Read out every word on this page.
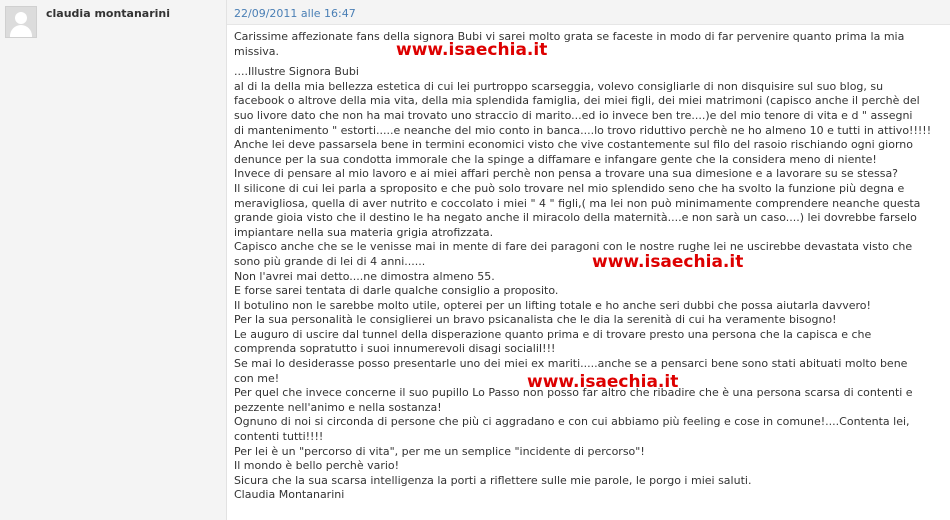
claudia montanarini	22/09/2011 alle 16:47
Carissime affezionate fans della signora Bubi vi sarei molto grata se faceste in modo di far pervenire quanto prima la mia
missiva.
....Illustre Signora Bubi
al di la della mia bellezza estetica di cui lei purtroppo scarseggia, volevo consigliarle di non disquisire sul suo blog, su
facebook o altrove della mia vita, della mia splendida famiglia, dei miei figli, dei miei matrimoni (capisco anche il perchè del
suo livore dato che non ha mai trovato uno straccio di marito...ed io invece ben tre....)e del mio tenore di vita e d " assegni
di mantenimento " estorti.....e neanche del mio conto in banca....lo trovo riduttivo perchè ne ho almeno 10 e tutti in attivo!!!!!
Anche lei deve passarsela bene in termini economici visto che vive costantemente sul filo del rasoio rischiando ogni giorno
denunce per la sua condotta immorale che la spinge a diffamare e infangare gente che la considera meno di niente!
Invece di pensare al mio lavoro e ai miei affari perchè non pensa a trovare una sua dimesione e a lavorare su se stessa?
Il silicone di cui lei parla a sproposito e che può solo trovare nel mio splendido seno che ha svolto la funzione più degna e
meravigliosa, quella di aver nutrito e coccolato i miei " 4 " figli,( ma lei non può minimamente comprendere neanche questa
grande gioia visto che il destino le ha negato anche il miracolo della maternità....e non sarà un caso....) lei dovrebbe farselo
impiantare nella sua materia grigia atrofizzata.
Capisco anche che se le venisse mai in mente di fare dei paragoni con le nostre rughe lei ne uscirebbe devastata visto che
sono più grande di lei di 4 anni......
Non l'avrei mai detto....ne dimostra almeno 55.
E forse sarei tentata di darle qualche consiglio a proposito.
Il botulino non le sarebbe molto utile, opterei per un lifting totale e ho anche seri dubbi che possa aiutarla davvero!
Per la sua personalità le consiglierei un bravo psicanalista che le dia la serenità di cui ha veramente bisogno!
Le auguro di uscire dal tunnel della disperazione quanto prima e di trovare presto una persona che la capisca e che
comprenda sopratutto i suoi innumerevoli disagi socialiI!!!
Se mai lo desiderasse posso presentarle uno dei miei ex mariti.....anche se a pensarci bene sono stati abituati molto bene
con me!
Per quel che invece concerne il suo pupillo Lo Passo non posso far altro che ribadire che è una persona scarsa di contenti e
pezzente nell'animo e nella sostanza!
Ognuno di noi si circonda di persone che più ci aggradano e con cui abbiamo più feeling e cose in comune!....Contenta lei,
contenti tutti!!!!
Per lei è un "percorso di vita", per me un semplice "incidente di percorso"!
Il mondo è bello perchè vario!
Sicura che la sua scarsa intelligenza la porti a riflettere sulle mie parole, le porgo i miei saluti.
Claudia Montanarini
www.isaechia.it
www.isaechia.it
www.isaechia.it
